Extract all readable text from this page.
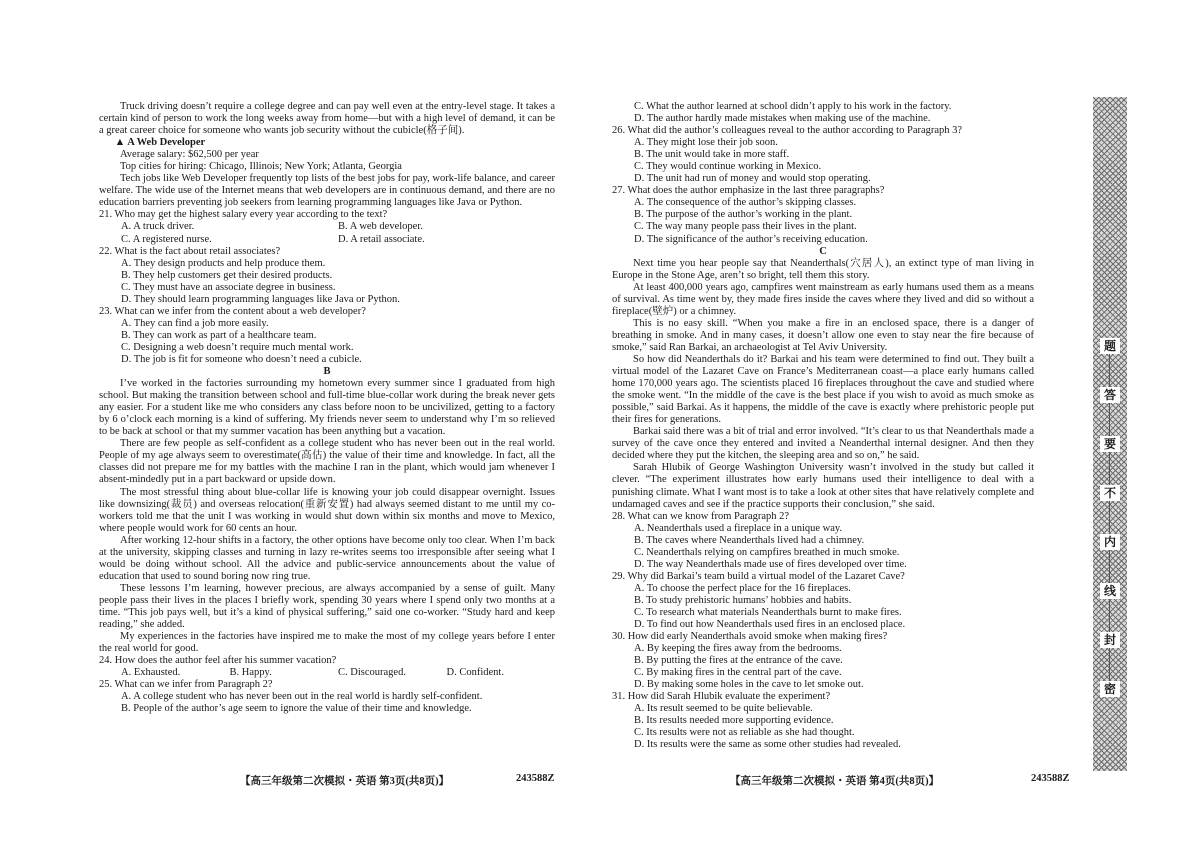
Truck driving doesn’t require a college degree and can pay well even at the entry-level stage. It takes a certain kind of person to work the long weeks away from home—but with a high level of demand, it can be a great career choice for someone who wants job security without the cubicle(格子间).

▲ A Web Developer

Average salary: $62,500 per year

Top cities for hiring: Chicago, Illinois; New York; Atlanta, Georgia

Tech jobs like Web Developer frequently top lists of the best jobs for pay, work-life balance, and career welfare. The wide use of the Internet means that web developers are in continuous demand, and there are no education barriers preventing job seekers from learning programming languages like Java or Python.

21. Who may get the highest salary every year according to the text?

A. A truck driver.	B. A web developer.

C. A registered nurse.	D. A retail associate.

22. What is the fact about retail associates?

A. They design products and help produce them.

B. They help customers get their desired products.

C. They must have an associate degree in business.

D. They should learn programming languages like Java or Python.

23. What can we infer from the content about a web developer?

A. They can find a job more easily.

B. They can work as part of a healthcare team.

C. Designing a web doesn’t require much mental work.

D. The job is fit for someone who doesn’t need a cubicle.

B

I’ve worked in the factories surrounding my hometown every summer since I graduated from high school. But making the transition between school and full-time blue-collar work during the break never gets any easier. For a student like me who considers any class before noon to be uncivilized, getting to a factory by 6 o’clock each morning is a kind of suffering. My friends never seem to understand why I’m so relieved to be back at school or that my summer vacation has been anything but a vacation.

There are few people as self-confident as a college student who has never been out in the real world. People of my age always seem to overestimate(高估) the value of their time and knowledge. In fact, all the classes did not prepare me for my battles with the machine I ran in the plant, which would jam whenever I absent-mindedly put in a part backward or upside down.

The most stressful thing about blue-collar life is knowing your job could disappear overnight. Issues like downsizing(裁员) and overseas relocation(重新安置) had always seemed distant to me until my co-workers told me that the unit I was working in would shut down within six months and move to Mexico, where people would work for 60 cents an hour.

After working 12-hour shifts in a factory, the other options have become only too clear. When I’m back at the university, skipping classes and turning in lazy re-writes seems too irresponsible after seeing what I would be doing without school. All the advice and public-service announcements about the value of education that used to sound boring now ring true.

These lessons I’m learning, however precious, are always accompanied by a sense of guilt. Many people pass their lives in the places I briefly work, spending 30 years where I spend only two months at a time. “This job pays well, but it’s a kind of physical suffering,” said one co-worker. “Study hard and keep reading,” she added.

My experiences in the factories have inspired me to make the most of my college years before I enter the real world for good.

24. How does the author feel after his summer vacation?

A. Exhausted.	B. Happy.	C. Discouraged.	D. Confident.

25. What can we infer from Paragraph 2?

A. A college student who has never been out in the real world is hardly self-confident.

B. People of the author’s age seem to ignore the value of their time and knowledge.

C. What the author learned at school didn’t apply to his work in the factory.

D. The author hardly made mistakes when making use of the machine.

26. What did the author’s colleagues reveal to the author according to Paragraph 3?

A. They might lose their job soon.

B. The unit would take in more staff.

C. They would continue working in Mexico.

D. The unit had run of money and would stop operating.

27. What does the author emphasize in the last three paragraphs?

A. The consequence of the author’s skipping classes.

B. The purpose of the author’s working in the plant.

C. The way many people pass their lives in the plant.

D. The significance of the author’s receiving education.

C

Next time you hear people say that Neanderthals(穴居人), an extinct type of man living in Europe in the Stone Age, aren’t so bright, tell them this story.

At least 400,000 years ago, campfires went mainstream as early humans used them as a means of survival. As time went by, they made fires inside the caves where they lived and did so without a fireplace(壁炉) or a chimney.

This is no easy skill. “When you make a fire in an enclosed space, there is a danger of breathing in smoke. And in many cases, it doesn’t allow one even to stay near the fire because of smoke,” said Ran Barkai, an archaeologist at Tel Aviv University.

So how did Neanderthals do it? Barkai and his team were determined to find out. They built a virtual model of the Lazaret Cave on France’s Mediterranean coast—a place early humans called home 170,000 years ago. The scientists placed 16 fireplaces throughout the cave and studied where the smoke went. “In the middle of the cave is the best place if you wish to avoid as much smoke as possible,” said Barkai. As it happens, the middle of the cave is exactly where prehistoric people put their fires for generations.

Barkai said there was a bit of trial and error involved. “It’s clear to us that Neanderthals made a survey of the cave once they entered and invited a Neanderthal internal designer. And then they decided where they put the kitchen, the sleeping area and so on,” he said.

Sarah Hlubik of George Washington University wasn’t involved in the study but called it clever. “The experiment illustrates how early humans used their intelligence to deal with a punishing climate. What I want most is to take a look at other sites that have relatively complete and undamaged caves and see if the practice supports their conclusion,” she said.

28. What can we know from Paragraph 2?

A. Neanderthals used a fireplace in a unique way.

B. The caves where Neanderthals lived had a chimney.

C. Neanderthals relying on campfires breathed in much smoke.

D. The way Neanderthals made use of fires developed over time.

29. Why did Barkai’s team build a virtual model of the Lazaret Cave?

A. To choose the perfect place for the 16 fireplaces.

B. To study prehistoric humans’ hobbies and habits.

C. To research what materials Neanderthals burnt to make fires.

D. To find out how Neanderthals used fires in an enclosed place.

30. How did early Neanderthals avoid smoke when making fires?

A. By keeping the fires away from the bedrooms.

B. By putting the fires at the entrance of the cave.

C. By making fires in the central part of the cave.

D. By making some holes in the cave to let smoke out.

31. How did Sarah Hlubik evaluate the experiment?

A. Its result seemed to be quite believable.

B. Its results needed more supporting evidence.

C. Its results were not as reliable as she had thought.

D. Its results were the same as some other studies had revealed.

【高三年级第二次模拟・英语 第3页(共8页)】	243588Z	【高三年级第二次模拟・英语 第4页(共8页)】	243588Z
题
答
要
不
内
线
封
密
